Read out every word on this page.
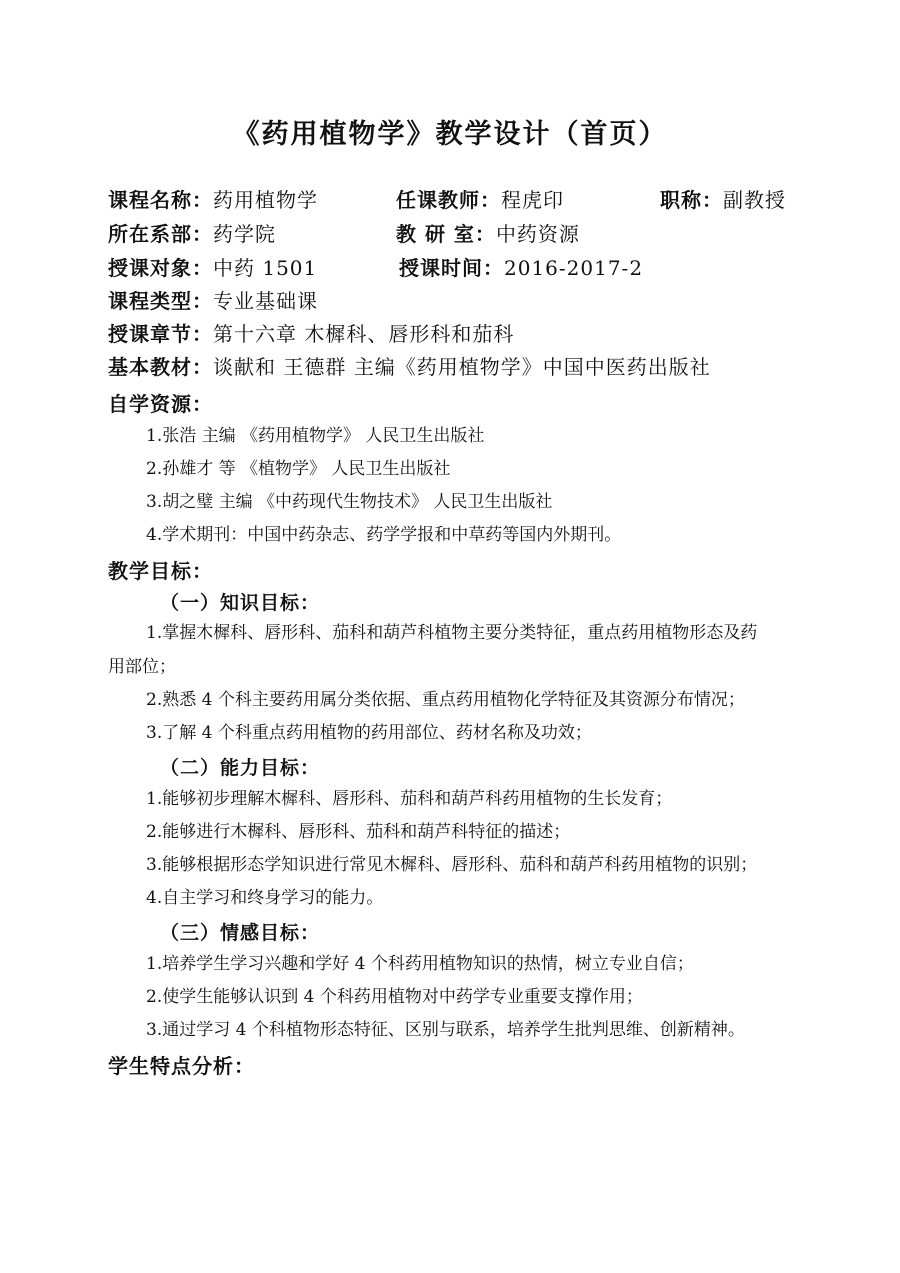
《药用植物学》教学设计（首页）
课程名称：药用植物学	任课教师：程虎印	职称：副教授
所在系部：药学院	教 研 室：中药资源
授课对象：中药 1501	授课时间：2016-2017-2
课程类型：专业基础课
授课章节：第十六章 木樨科、唇形科和茄科
基本教材：谈献和 王德群 主编《药用植物学》中国中医药出版社
自学资源：
1.张浩 主编 《药用植物学》 人民卫生出版社
2.孙雄才 等 《植物学》 人民卫生出版社
3.胡之璧 主编 《中药现代生物技术》 人民卫生出版社
4.学术期刊：中国中药杂志、药学学报和中草药等国内外期刊。
教学目标：
（一）知识目标：
1.掌握木樨科、唇形科、茄科和葫芦科植物主要分类特征，重点药用植物形态及药
用部位；
2.熟悉 4 个科主要药用属分类依据、重点药用植物化学特征及其资源分布情况；
3.了解 4 个科重点药用植物的药用部位、药材名称及功效；
（二）能力目标：
1.能够初步理解木樨科、唇形科、茄科和葫芦科药用植物的生长发育；
2.能够进行木樨科、唇形科、茄科和葫芦科特征的描述；
3.能够根据形态学知识进行常见木樨科、唇形科、茄科和葫芦科药用植物的识别；
4.自主学习和终身学习的能力。
（三）情感目标：
1.培养学生学习兴趣和学好 4 个科药用植物知识的热情，树立专业自信；
2.使学生能够认识到 4 个科药用植物对中药学专业重要支撑作用；
3.通过学习 4 个科植物形态特征、区别与联系，培养学生批判思维、创新精神。
学生特点分析：
